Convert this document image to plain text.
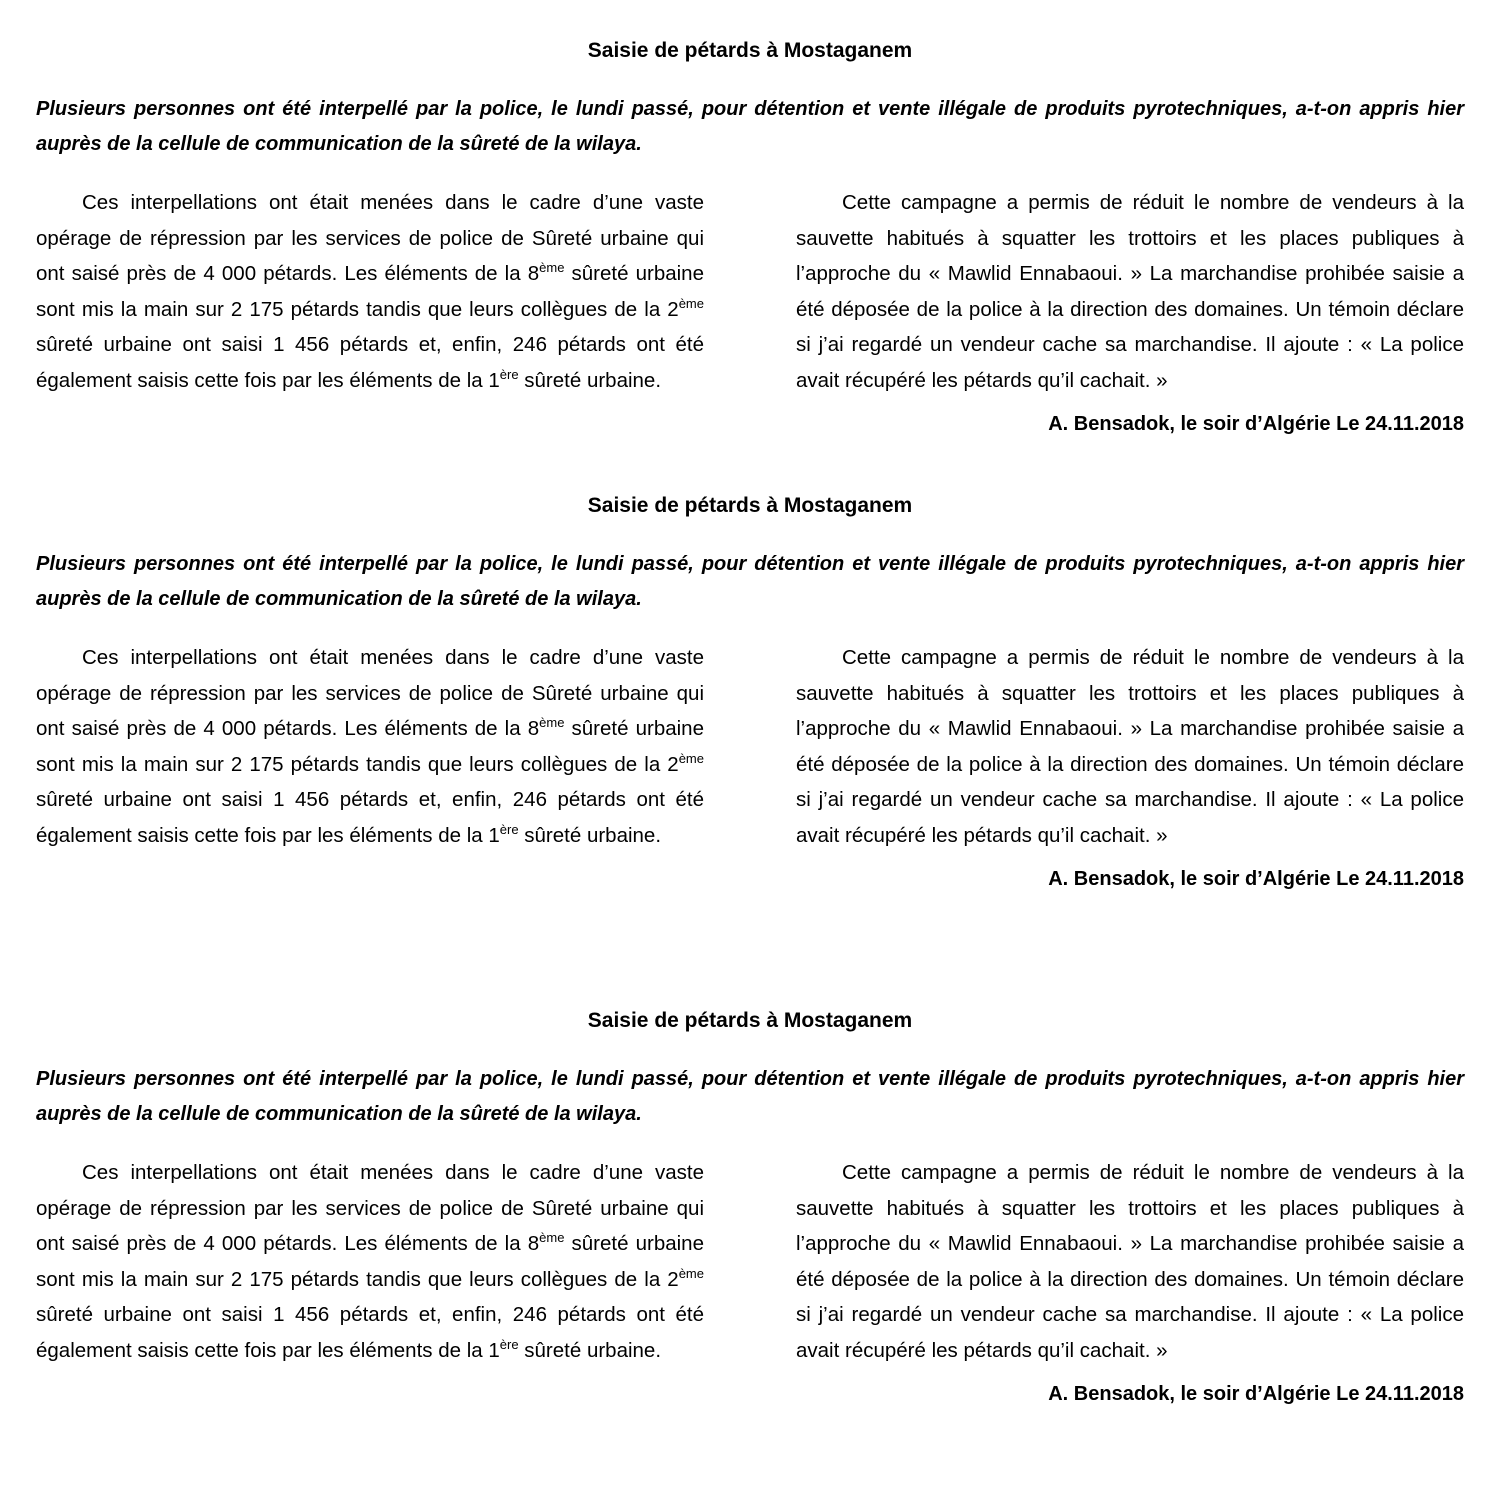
Saisie de pétards à Mostaganem

Plusieurs personnes ont été interpellé par la police, le lundi passé, pour détention et vente illégale de produits pyrotechniques, a-t-on appris hier auprès de la cellule de communication de la sûreté de la wilaya.

Ces interpellations ont était menées dans le cadre d’une vaste opérage de répression par les services de police de Sûreté urbaine qui ont saisé près de 4 000 pétards. Les éléments de la 8ème sûreté urbaine sont mis la main sur 2 175 pétards tandis que leurs collègues de la 2ème sûreté urbaine ont saisi 1 456 pétards et, enfin, 246 pétards ont été également saisis cette fois par les éléments de la 1ère sûreté urbaine.

Cette campagne a permis de réduit le nombre de vendeurs à la sauvette habitués à squatter les trottoirs et les places publiques à l’approche du « Mawlid Ennabaoui. » La marchandise prohibée saisie a été déposée de la police à la direction des domaines. Un témoin déclare si j’ai regardé un vendeur cache sa marchandise. Il ajoute : « La police avait récupéré les pétards qu’il cachait. »

A. Bensadok, le soir d’Algérie Le 24.11.2018

Saisie de pétards à Mostaganem

Plusieurs personnes ont été interpellé par la police, le lundi passé, pour détention et vente illégale de produits pyrotechniques, a-t-on appris hier auprès de la cellule de communication de la sûreté de la wilaya.

Ces interpellations ont était menées dans le cadre d’une vaste opérage de répression par les services de police de Sûreté urbaine qui ont saisé près de 4 000 pétards. Les éléments de la 8ème sûreté urbaine sont mis la main sur 2 175 pétards tandis que leurs collègues de la 2ème sûreté urbaine ont saisi 1 456 pétards et, enfin, 246 pétards ont été également saisis cette fois par les éléments de la 1ère sûreté urbaine.

Cette campagne a permis de réduit le nombre de vendeurs à la sauvette habitués à squatter les trottoirs et les places publiques à l’approche du « Mawlid Ennabaoui. » La marchandise prohibée saisie a été déposée de la police à la direction des domaines. Un témoin déclare si j’ai regardé un vendeur cache sa marchandise. Il ajoute : « La police avait récupéré les pétards qu’il cachait. »

A. Bensadok, le soir d’Algérie Le 24.11.2018

Saisie de pétards à Mostaganem

Plusieurs personnes ont été interpellé par la police, le lundi passé, pour détention et vente illégale de produits pyrotechniques, a-t-on appris hier auprès de la cellule de communication de la sûreté de la wilaya.

Ces interpellations ont était menées dans le cadre d’une vaste opérage de répression par les services de police de Sûreté urbaine qui ont saisé près de 4 000 pétards. Les éléments de la 8ème sûreté urbaine sont mis la main sur 2 175 pétards tandis que leurs collègues de la 2ème sûreté urbaine ont saisi 1 456 pétards et, enfin, 246 pétards ont été également saisis cette fois par les éléments de la 1ère sûreté urbaine.

Cette campagne a permis de réduit le nombre de vendeurs à la sauvette habitués à squatter les trottoirs et les places publiques à l’approche du « Mawlid Ennabaoui. » La marchandise prohibée saisie a été déposée de la police à la direction des domaines. Un témoin déclare si j’ai regardé un vendeur cache sa marchandise. Il ajoute : « La police avait récupéré les pétards qu’il cachait. »

A. Bensadok, le soir d’Algérie Le 24.11.2018
